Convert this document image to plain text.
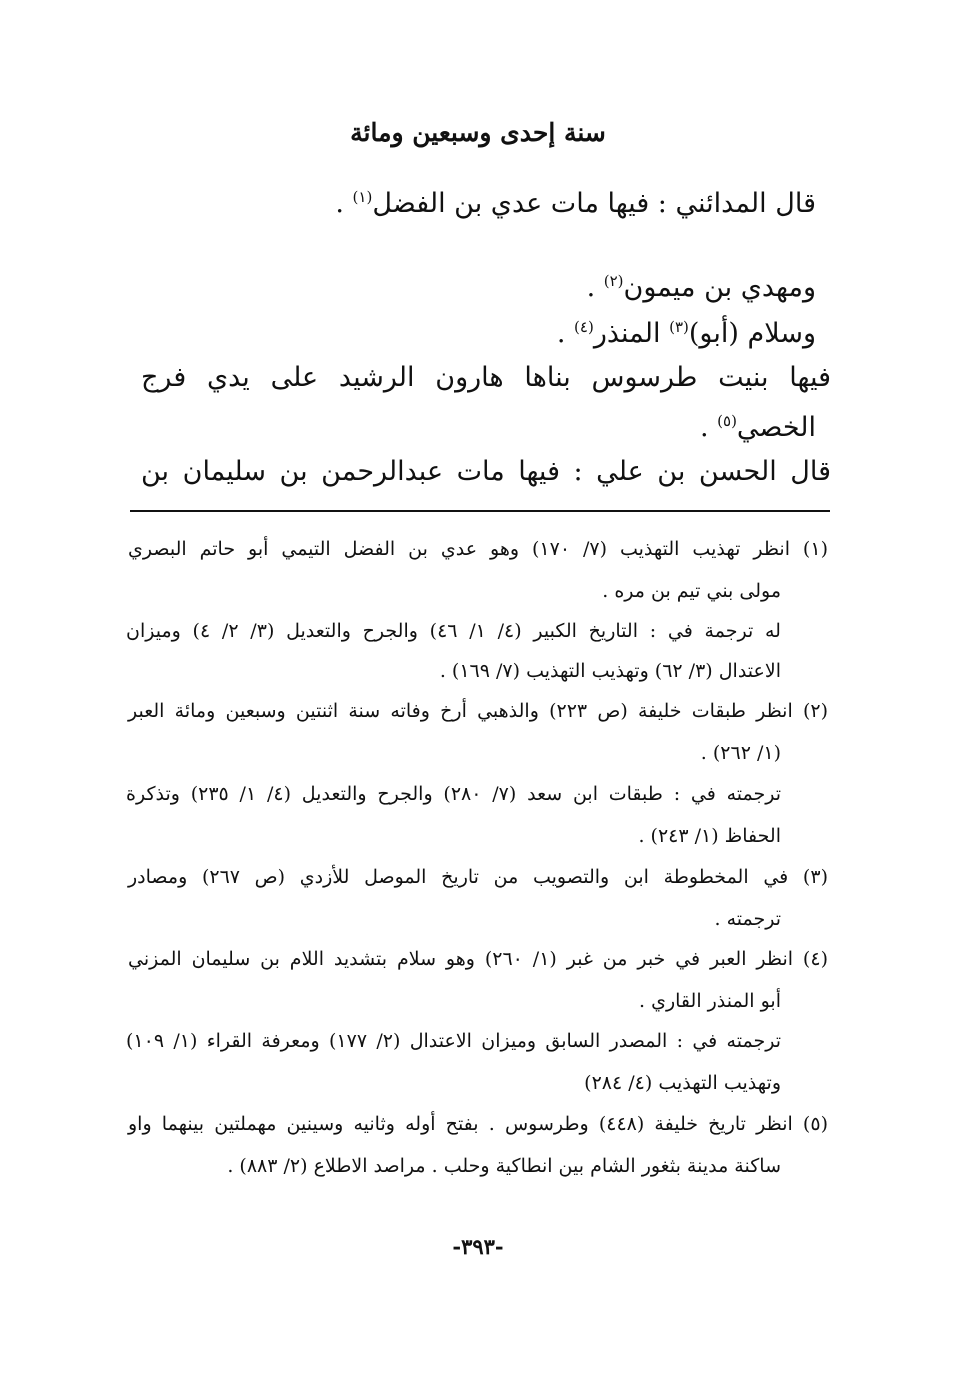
سنة إحدى وسبعين ومائة
قال المدائني : فيها مات عدي بن الفضل$^{(١)}$ .
ومهدي بن ميمون$^{(٢)}$ .
وسلام (أبو)$^{(٣)}$ المنذر$^{(٤)}$ .
فيها بنيت طرسوس بناها هارون الرشيد على يدي فرج
الخصي$^{(٥)}$ .
قال الحسن بن علي : فيها مات عبدالرحمن بن سليمان بن
(١) انظر تهذيب التهذيب (٧/ ١٧٠) وهو عدي بن الفضل التيمي أبو حاتم البصري
مولى بني تيم بن مره .
له ترجمة في : التاريخ الكبير (٤/ ١/ ٤٦) والجرح والتعديل (٣/ ٢/ ٤) وميزان
الاعتدال (٣/ ٦٢) وتهذيب التهذيب (٧/ ١٦٩) .
(٢) انظر طبقات خليفة (ص ٢٢٣) والذهبي أرخ وفاته سنة اثنتين وسبعين ومائة العبر
(١/ ٢٦٢) .
ترجمته في : طبقات ابن سعد (٧/ ٢٨٠) والجرح والتعديل (٤/ ١/ ٢٣٥) وتذكرة
الحفاظ (١/ ٢٤٣) .
(٣) في المخطوطة ابن والتصويب من تاريخ الموصل للأزدي (ص ٢٦٧) ومصادر
ترجمته .
(٤) انظر العبر في خبر من غبر (١/ ٢٦٠) وهو سلام بتشديد اللام بن سليمان المزني
أبو المنذر القاري .
ترجمته في : المصدر السابق وميزان الاعتدال (٢/ ١٧٧) ومعرفة القراء (١/ ١٠٩)
وتهذيب التهذيب (٤/ ٢٨٤)
(٥) انظر تاريخ خليفة (٤٤٨) وطرسوس . بفتح أوله وثانيه وسينين مهملتين بينهما واو
ساكنة مدينة بثغور الشام بين انطاكية وحلب . مراصد الاطلاع (٢/ ٨٨٣) .
-٣٩٣-
